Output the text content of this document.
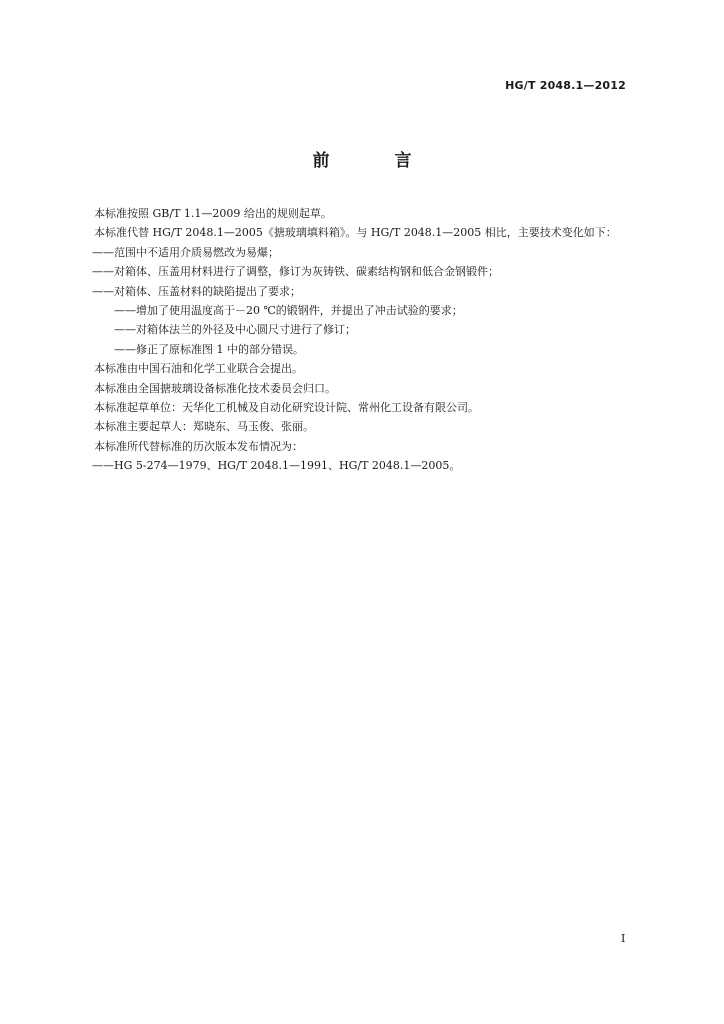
HG/T 2048.1—2012
前　言

本标准按照 GB/T 1.1—2009 给出的规则起草。

本标准代替 HG/T 2048.1—2005《搪玻璃填料箱》。与 HG/T 2048.1—2005 相比，主要技术变化如下：

——范围中不适用介质易燃改为易爆；

——对箱体、压盖用材料进行了调整，修订为灰铸铁、碳素结构钢和低合金钢锻件；

——对箱体、压盖材料的缺陷提出了要求；

——增加了使用温度高于－20 ℃的锻钢件，并提出了冲击试验的要求；

——对箱体法兰的外径及中心圆尺寸进行了修订；

——修正了原标准图 1 中的部分错误。

本标准由中国石油和化学工业联合会提出。

本标准由全国搪玻璃设备标准化技术委员会归口。

本标准起草单位：天华化工机械及自动化研究设计院、常州化工设备有限公司。

本标准主要起草人：郑晓东、马玉俊、张丽。

本标准所代替标准的历次版本发布情况为：

——HG 5-274—1979、HG/T 2048.1—1991、HG/T 2048.1—2005。

I
